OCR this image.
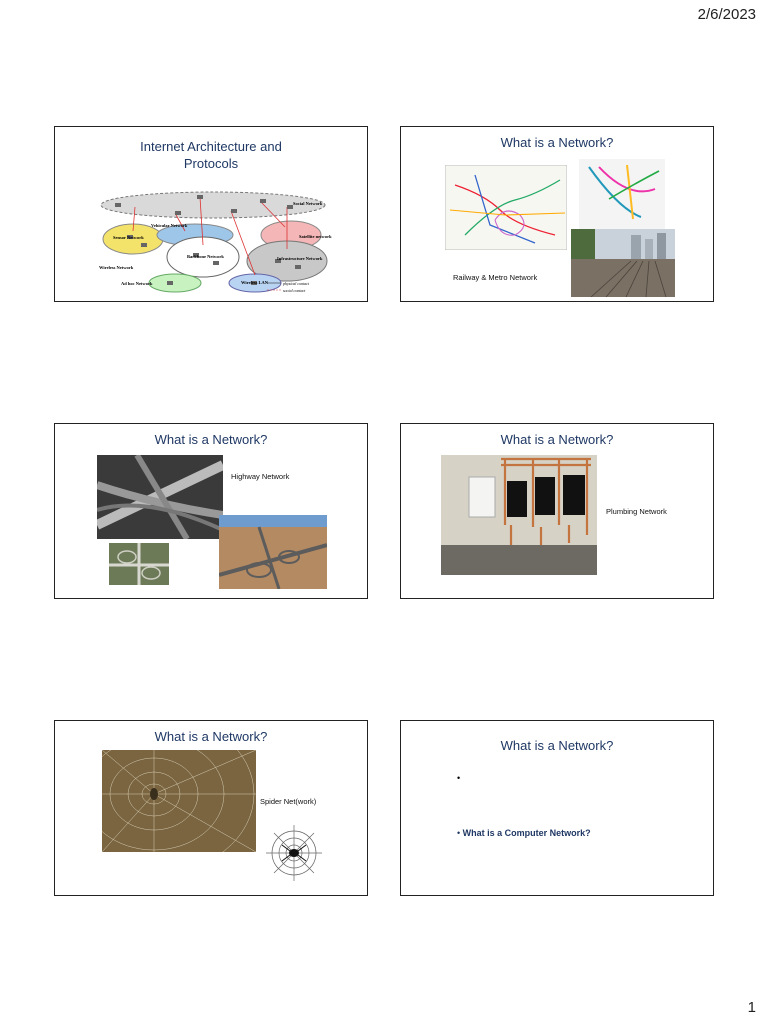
2/6/2023
Internet Architecture and
Protocols
Social Network
Vehicular Network
Sensor Network	Satellite network
Backbone Network	Infrastructure Network
Wireless LAN
Wireless Network
Ad hoc Network	physical contact
social contact
What is a Network?
Railway & Metro Network
What is a Network?
Highway Network
What is a Network?
Plumbing Network
What is a Network?
Spider Net(work)
What is a Network?
•
• What is a Computer Network?
1
